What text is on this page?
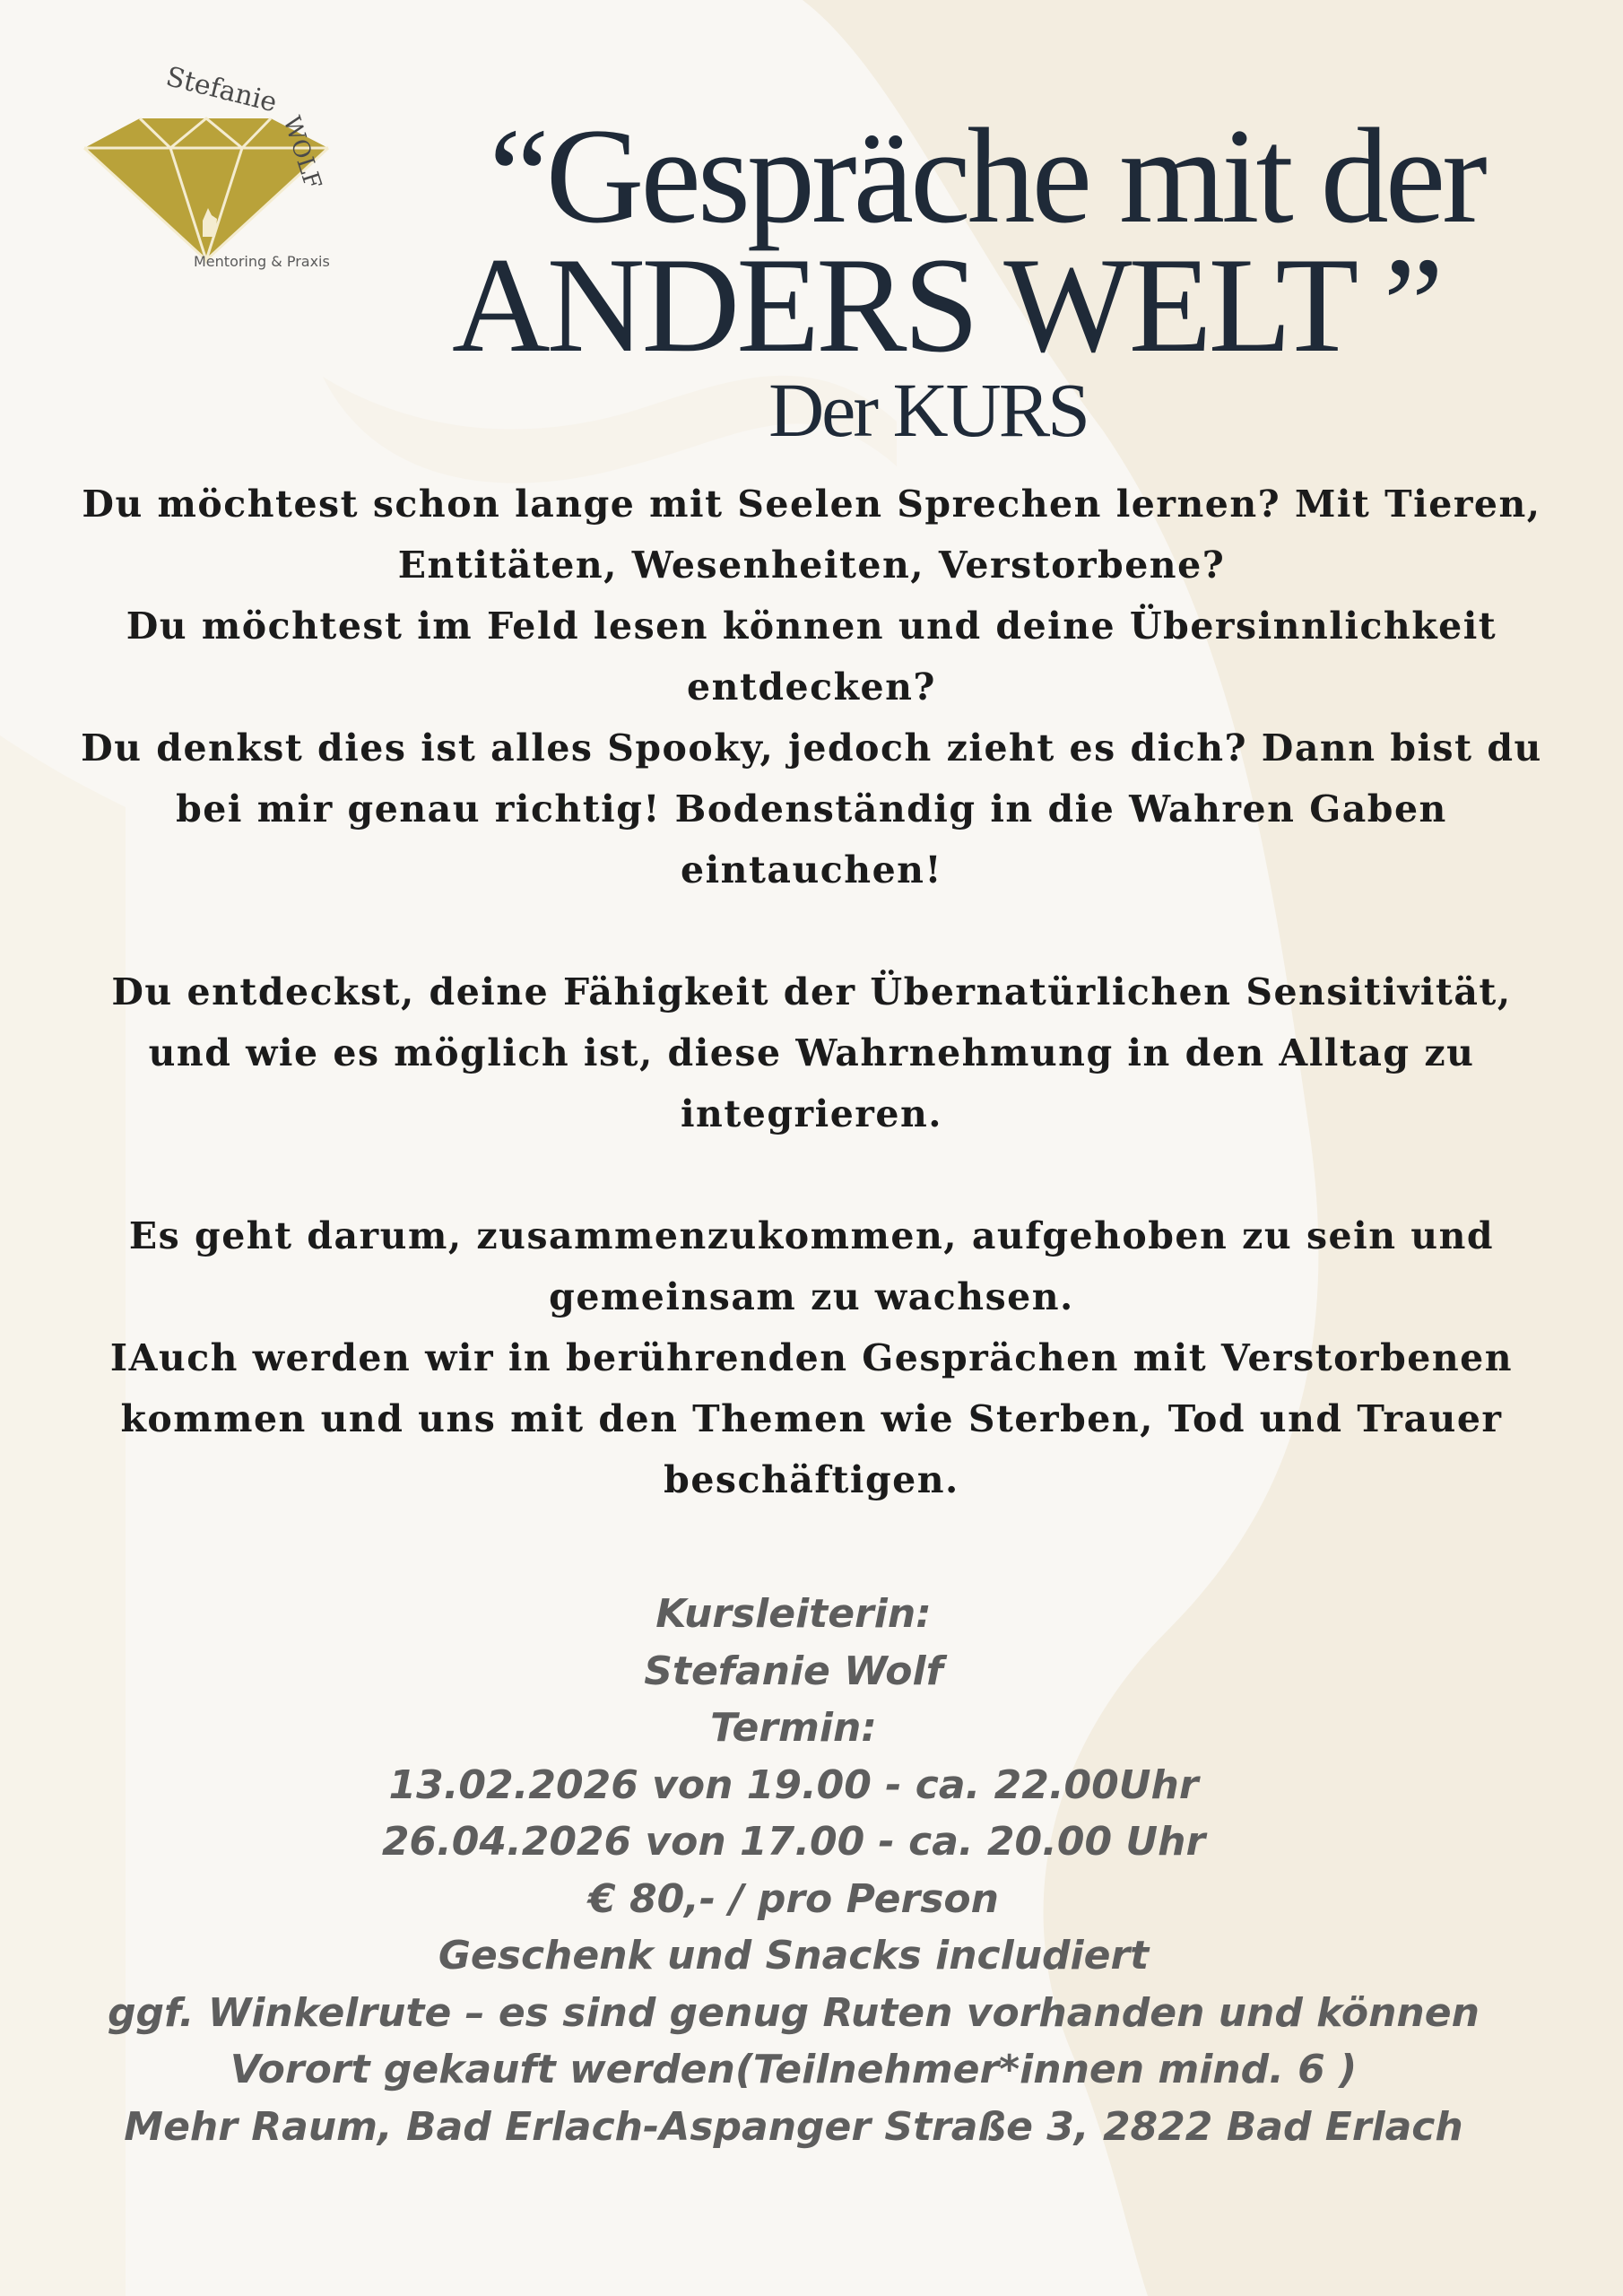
Stefanie
WOLF
Mentoring & Praxis
“Gespräche mit der
ANDERS WELT ”
Der KURS

Du möchtest schon lange mit Seelen Sprechen lernen? Mit Tieren,

Entitäten, Wesenheiten, Verstorbene?

Du möchtest im Feld lesen können und deine Übersinnlichkeit

entdecken?

Du denkst dies ist alles Spooky, jedoch zieht es dich? Dann bist du

bei mir genau richtig! Bodenständig in die Wahren Gaben

eintauchen!

Du entdeckst, deine Fähigkeit der Übernatürlichen Sensitivität,

und wie es möglich ist, diese Wahrnehmung in den Alltag zu

integrieren.

Es geht darum, zusammenzukommen, aufgehoben zu sein und

gemeinsam zu wachsen.

IAuch werden wir in berührenden Gesprächen mit Verstorbenen

kommen und uns mit den Themen wie Sterben, Tod und Trauer

beschäftigen.

Kursleiterin:
Stefanie Wolf
Termin:
13.02.2026 von 19.00 - ca. 22.00Uhr
26.04.2026 von 17.00 - ca. 20.00 Uhr
€ 80,- / pro Person
Geschenk und Snacks includiert
ggf. Winkelrute – es sind genug Ruten vorhanden und können
Vorort gekauft werden(Teilnehmer*innen mind. 6 )
Mehr Raum, Bad Erlach-Aspanger Straße 3, 2822 Bad Erlach
